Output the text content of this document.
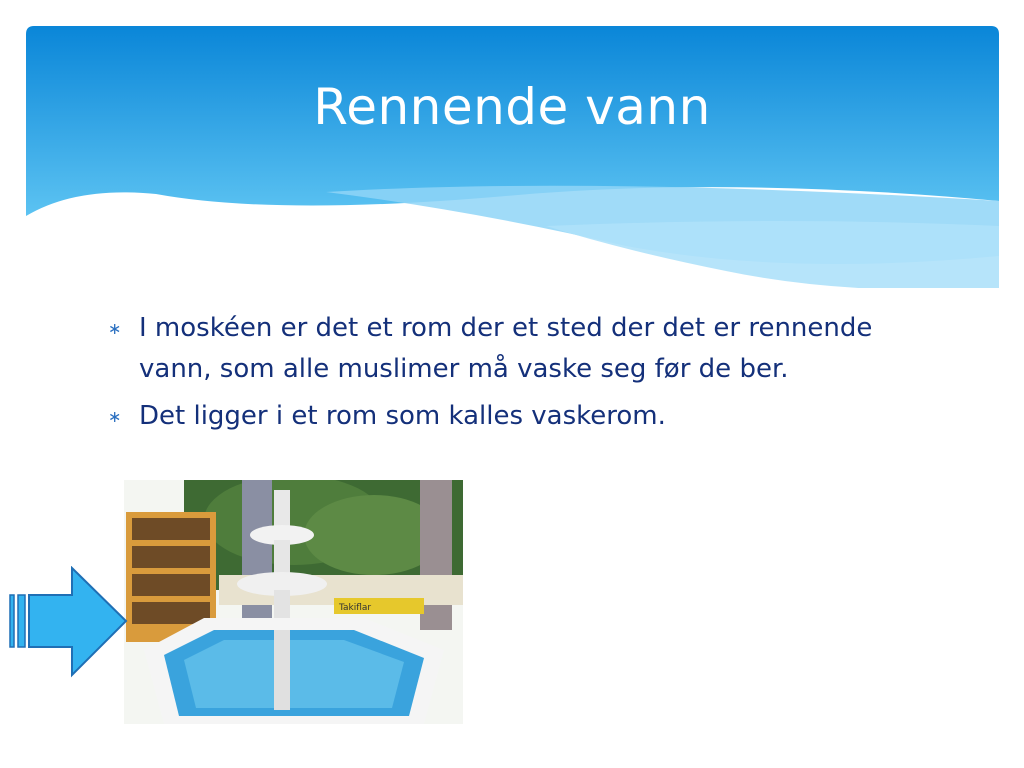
Rennende vann
∗ I moskéen er det et rom der et sted der det er rennende vann, som alle muslimer må vaske seg før de ber.
∗ Det ligger i et rom som kalles vaskerom.
Takiflar
